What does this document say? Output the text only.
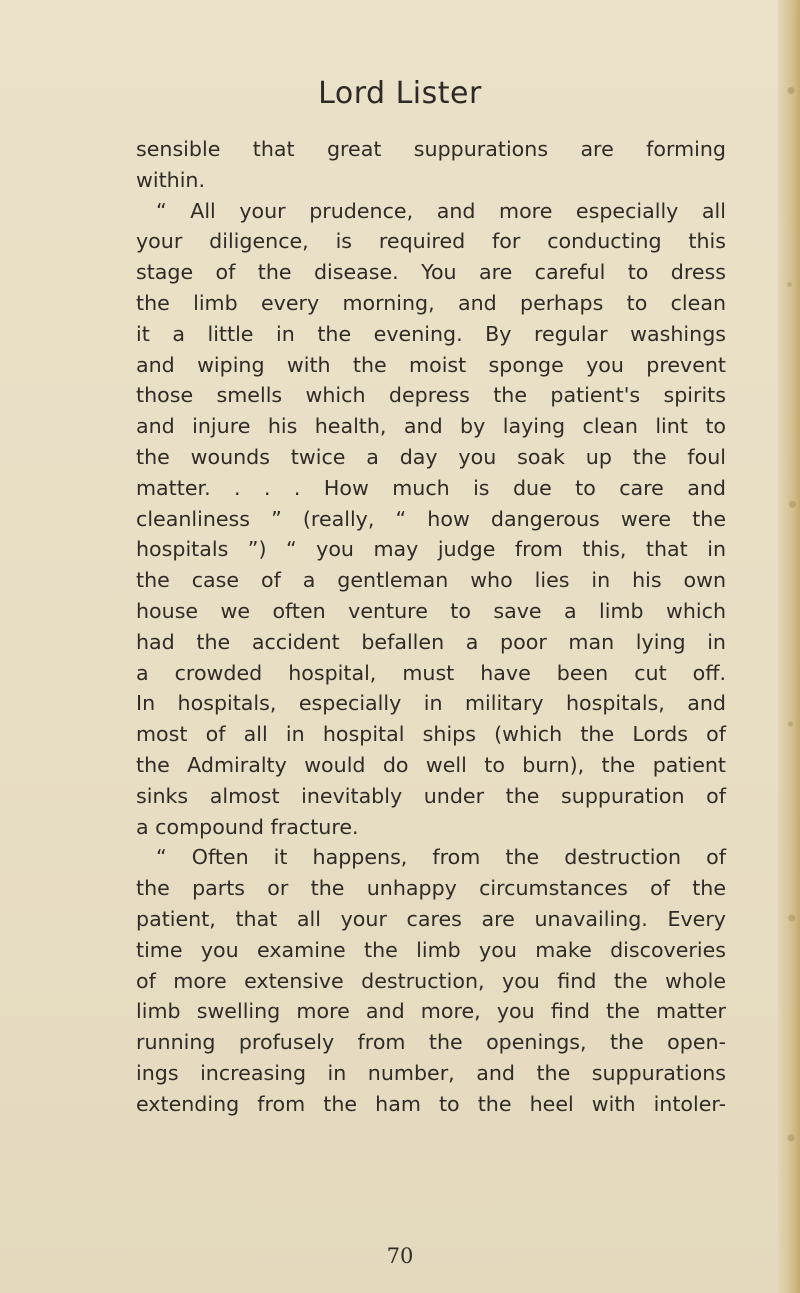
Lord Lister
sensible that great suppurations are forming
within.
“ All your prudence, and more especially all
your diligence, is required for conducting this
stage of the disease. You are careful to dress
the limb every morning, and perhaps to clean
it a little in the evening. By regular washings
and wiping with the moist sponge you prevent
those smells which depress the patient's spirits
and injure his health, and by laying clean lint to
the wounds twice a day you soak up the foul
matter. . . . How much is due to care and
cleanliness ” (really, “ how dangerous were the
hospitals ”) “ you may judge from this, that in
the case of a gentleman who lies in his own
house we often venture to save a limb which
had the accident befallen a poor man lying in
a crowded hospital, must have been cut off.
In hospitals, especially in military hospitals, and
most of all in hospital ships (which the Lords of
the Admiralty would do well to burn), the patient
sinks almost inevitably under the suppuration of
a compound fracture.
“ Often it happens, from the destruction of
the parts or the unhappy circumstances of the
patient, that all your cares are unavailing. Every
time you examine the limb you make discoveries
of more extensive destruction, you find the whole
limb swelling more and more, you find the matter
running profusely from the openings, the open-
ings increasing in number, and the suppurations
extending from the ham to the heel with intoler-
70
